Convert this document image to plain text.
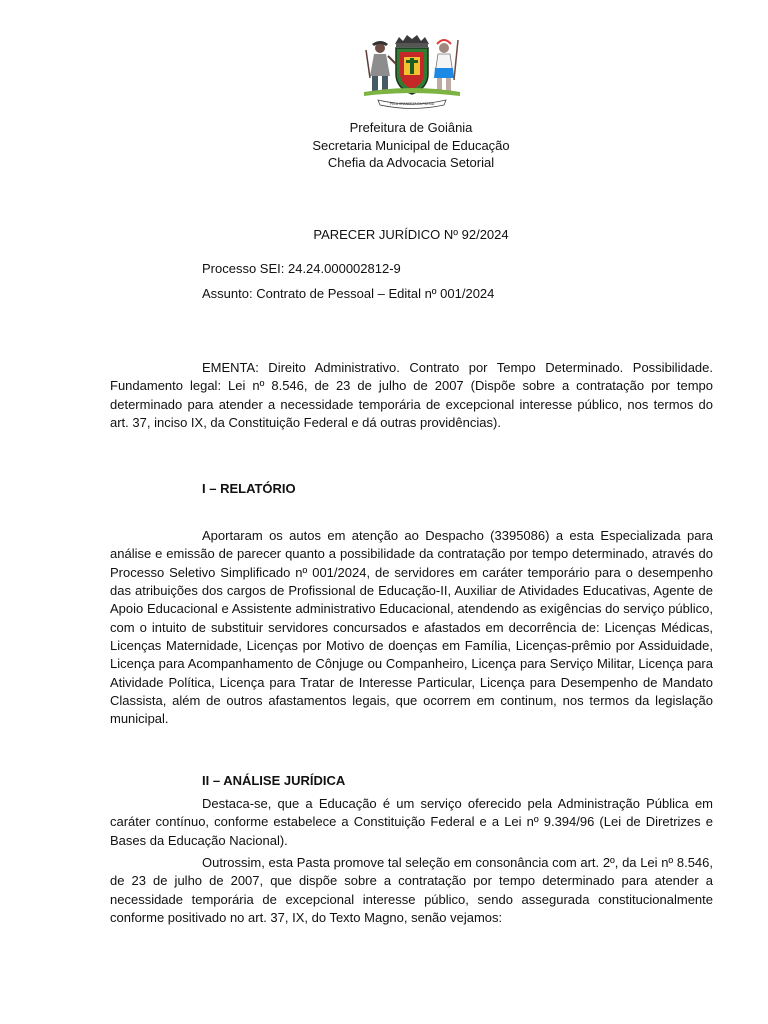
PELA GRANDEZA DA PÁTRIA
Prefeitura de Goiânia
Secretaria Municipal de Educação
Chefia da Advocacia Setorial
PARECER JURÍDICO Nº 92/2024
Processo SEI: 24.24.000002812-9
Assunto: Contrato de Pessoal – Edital nº 001/2024

EMENTA: Direito Administrativo. Contrato por Tempo Determinado. Possibilidade. Fundamento legal: Lei nº 8.546, de 23 de julho de 2007 (Dispõe sobre a contratação por tempo determinado para atender a necessidade temporária de excepcional interesse público, nos termos do art. 37, inciso IX, da Constituição Federal e dá outras providências).

I – RELATÓRIO

Aportaram os autos em atenção ao Despacho (3395086) a esta Especializada para análise e emissão de parecer quanto a possibilidade da contratação por tempo determinado, através do Processo Seletivo Simplificado nº 001/2024, de servidores em caráter temporário para o desempenho das atribuições dos cargos de Profissional de Educação-II, Auxiliar de Atividades Educativas, Agente de Apoio Educacional e Assistente administrativo Educacional, atendendo as exigências do serviço público, com o intuito de substituir servidores concursados e afastados em decorrência de: Licenças Médicas, Licenças Maternidade, Licenças por Motivo de doenças em Família, Licenças-prêmio por Assiduidade, Licença para Acompanhamento de Cônjuge ou Companheiro, Licença para Serviço Militar, Licença para Atividade Política, Licença para Tratar de Interesse Particular, Licença para Desempenho de Mandato Classista, além de outros afastamentos legais, que ocorrem em continum, nos termos da legislação municipal.

II – ANÁLISE JURÍDICA

Destaca-se, que a Educação é um serviço oferecido pela Administração Pública em caráter contínuo, conforme estabelece a Constituição Federal e a Lei nº 9.394/96 (Lei de Diretrizes e Bases da Educação Nacional).

Outrossim, esta Pasta promove tal seleção em consonância com art. 2º, da Lei nº 8.546, de 23 de julho de 2007, que dispõe sobre a contratação por tempo determinado para atender a necessidade temporária de excepcional interesse público, sendo assegurada constitucionalmente conforme positivado no art. 37, IX, do Texto Magno, senão vejamos:
